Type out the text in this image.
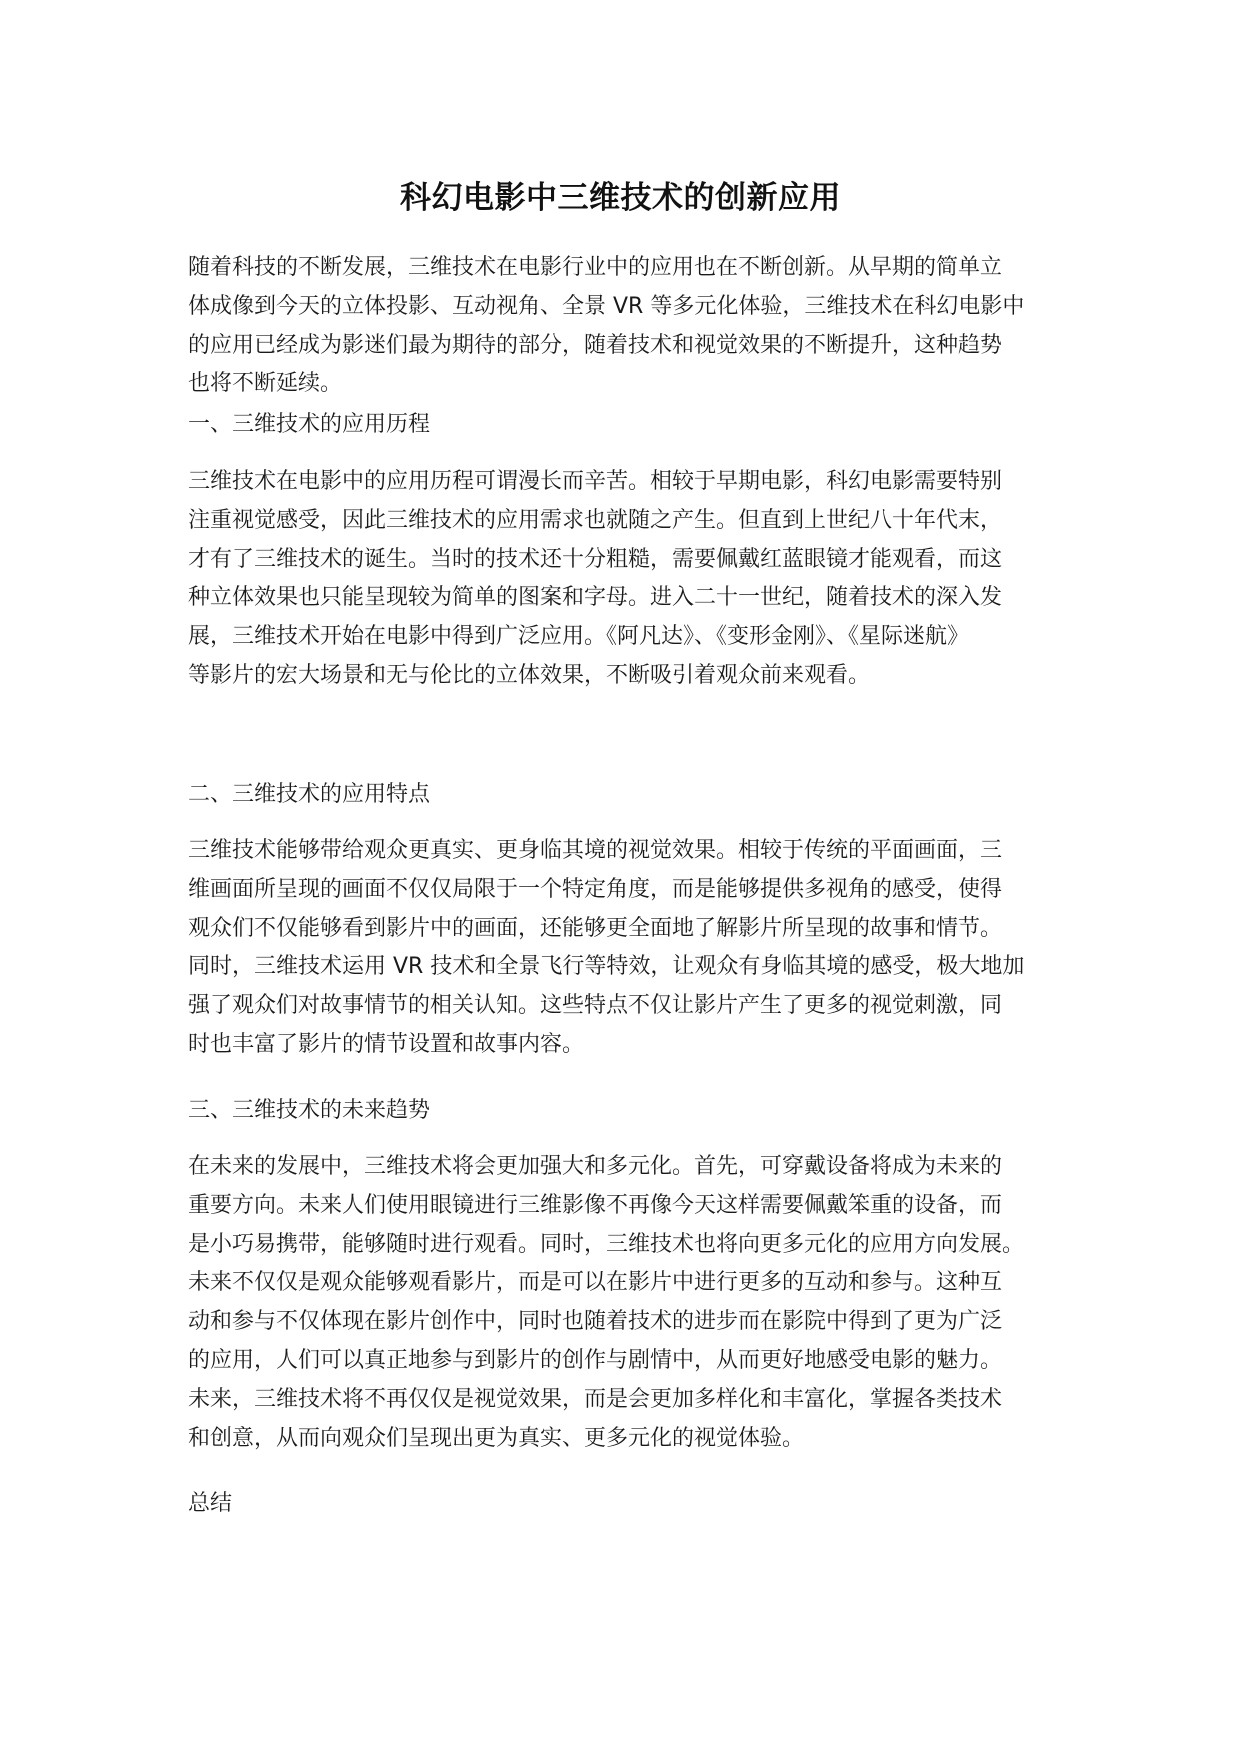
科幻电影中三维技术的创新应用
随着科技的不断发展，三维技术在电影行业中的应用也在不断创新。从早期的简单立
体成像到今天的立体投影、互动视角、全景 VR 等多元化体验，三维技术在科幻电影中
的应用已经成为影迷们最为期待的部分，随着技术和视觉效果的不断提升，这种趋势
也将不断延续。
一、三维技术的应用历程
三维技术在电影中的应用历程可谓漫长而辛苦。相较于早期电影，科幻电影需要特别
注重视觉感受，因此三维技术的应用需求也就随之产生。但直到上世纪八十年代末，
才有了三维技术的诞生。当时的技术还十分粗糙，需要佩戴红蓝眼镜才能观看，而这
种立体效果也只能呈现较为简单的图案和字母。进入二十一世纪，随着技术的深入发
展，三维技术开始在电影中得到广泛应用。《阿凡达》、《变形金刚》、《星际迷航》
等影片的宏大场景和无与伦比的立体效果，不断吸引着观众前来观看。
二、三维技术的应用特点
三维技术能够带给观众更真实、更身临其境的视觉效果。相较于传统的平面画面，三
维画面所呈现的画面不仅仅局限于一个特定角度，而是能够提供多视角的感受，使得
观众们不仅能够看到影片中的画面，还能够更全面地了解影片所呈现的故事和情节。
同时，三维技术运用 VR 技术和全景飞行等特效，让观众有身临其境的感受，极大地加
强了观众们对故事情节的相关认知。这些特点不仅让影片产生了更多的视觉刺激，同
时也丰富了影片的情节设置和故事内容。
三、三维技术的未来趋势
在未来的发展中，三维技术将会更加强大和多元化。首先，可穿戴设备将成为未来的
重要方向。未来人们使用眼镜进行三维影像不再像今天这样需要佩戴笨重的设备，而
是小巧易携带，能够随时进行观看。同时，三维技术也将向更多元化的应用方向发展。
未来不仅仅是观众能够观看影片，而是可以在影片中进行更多的互动和参与。这种互
动和参与不仅体现在影片创作中，同时也随着技术的进步而在影院中得到了更为广泛
的应用，人们可以真正地参与到影片的创作与剧情中，从而更好地感受电影的魅力。
未来，三维技术将不再仅仅是视觉效果，而是会更加多样化和丰富化，掌握各类技术
和创意，从而向观众们呈现出更为真实、更多元化的视觉体验。
总结
